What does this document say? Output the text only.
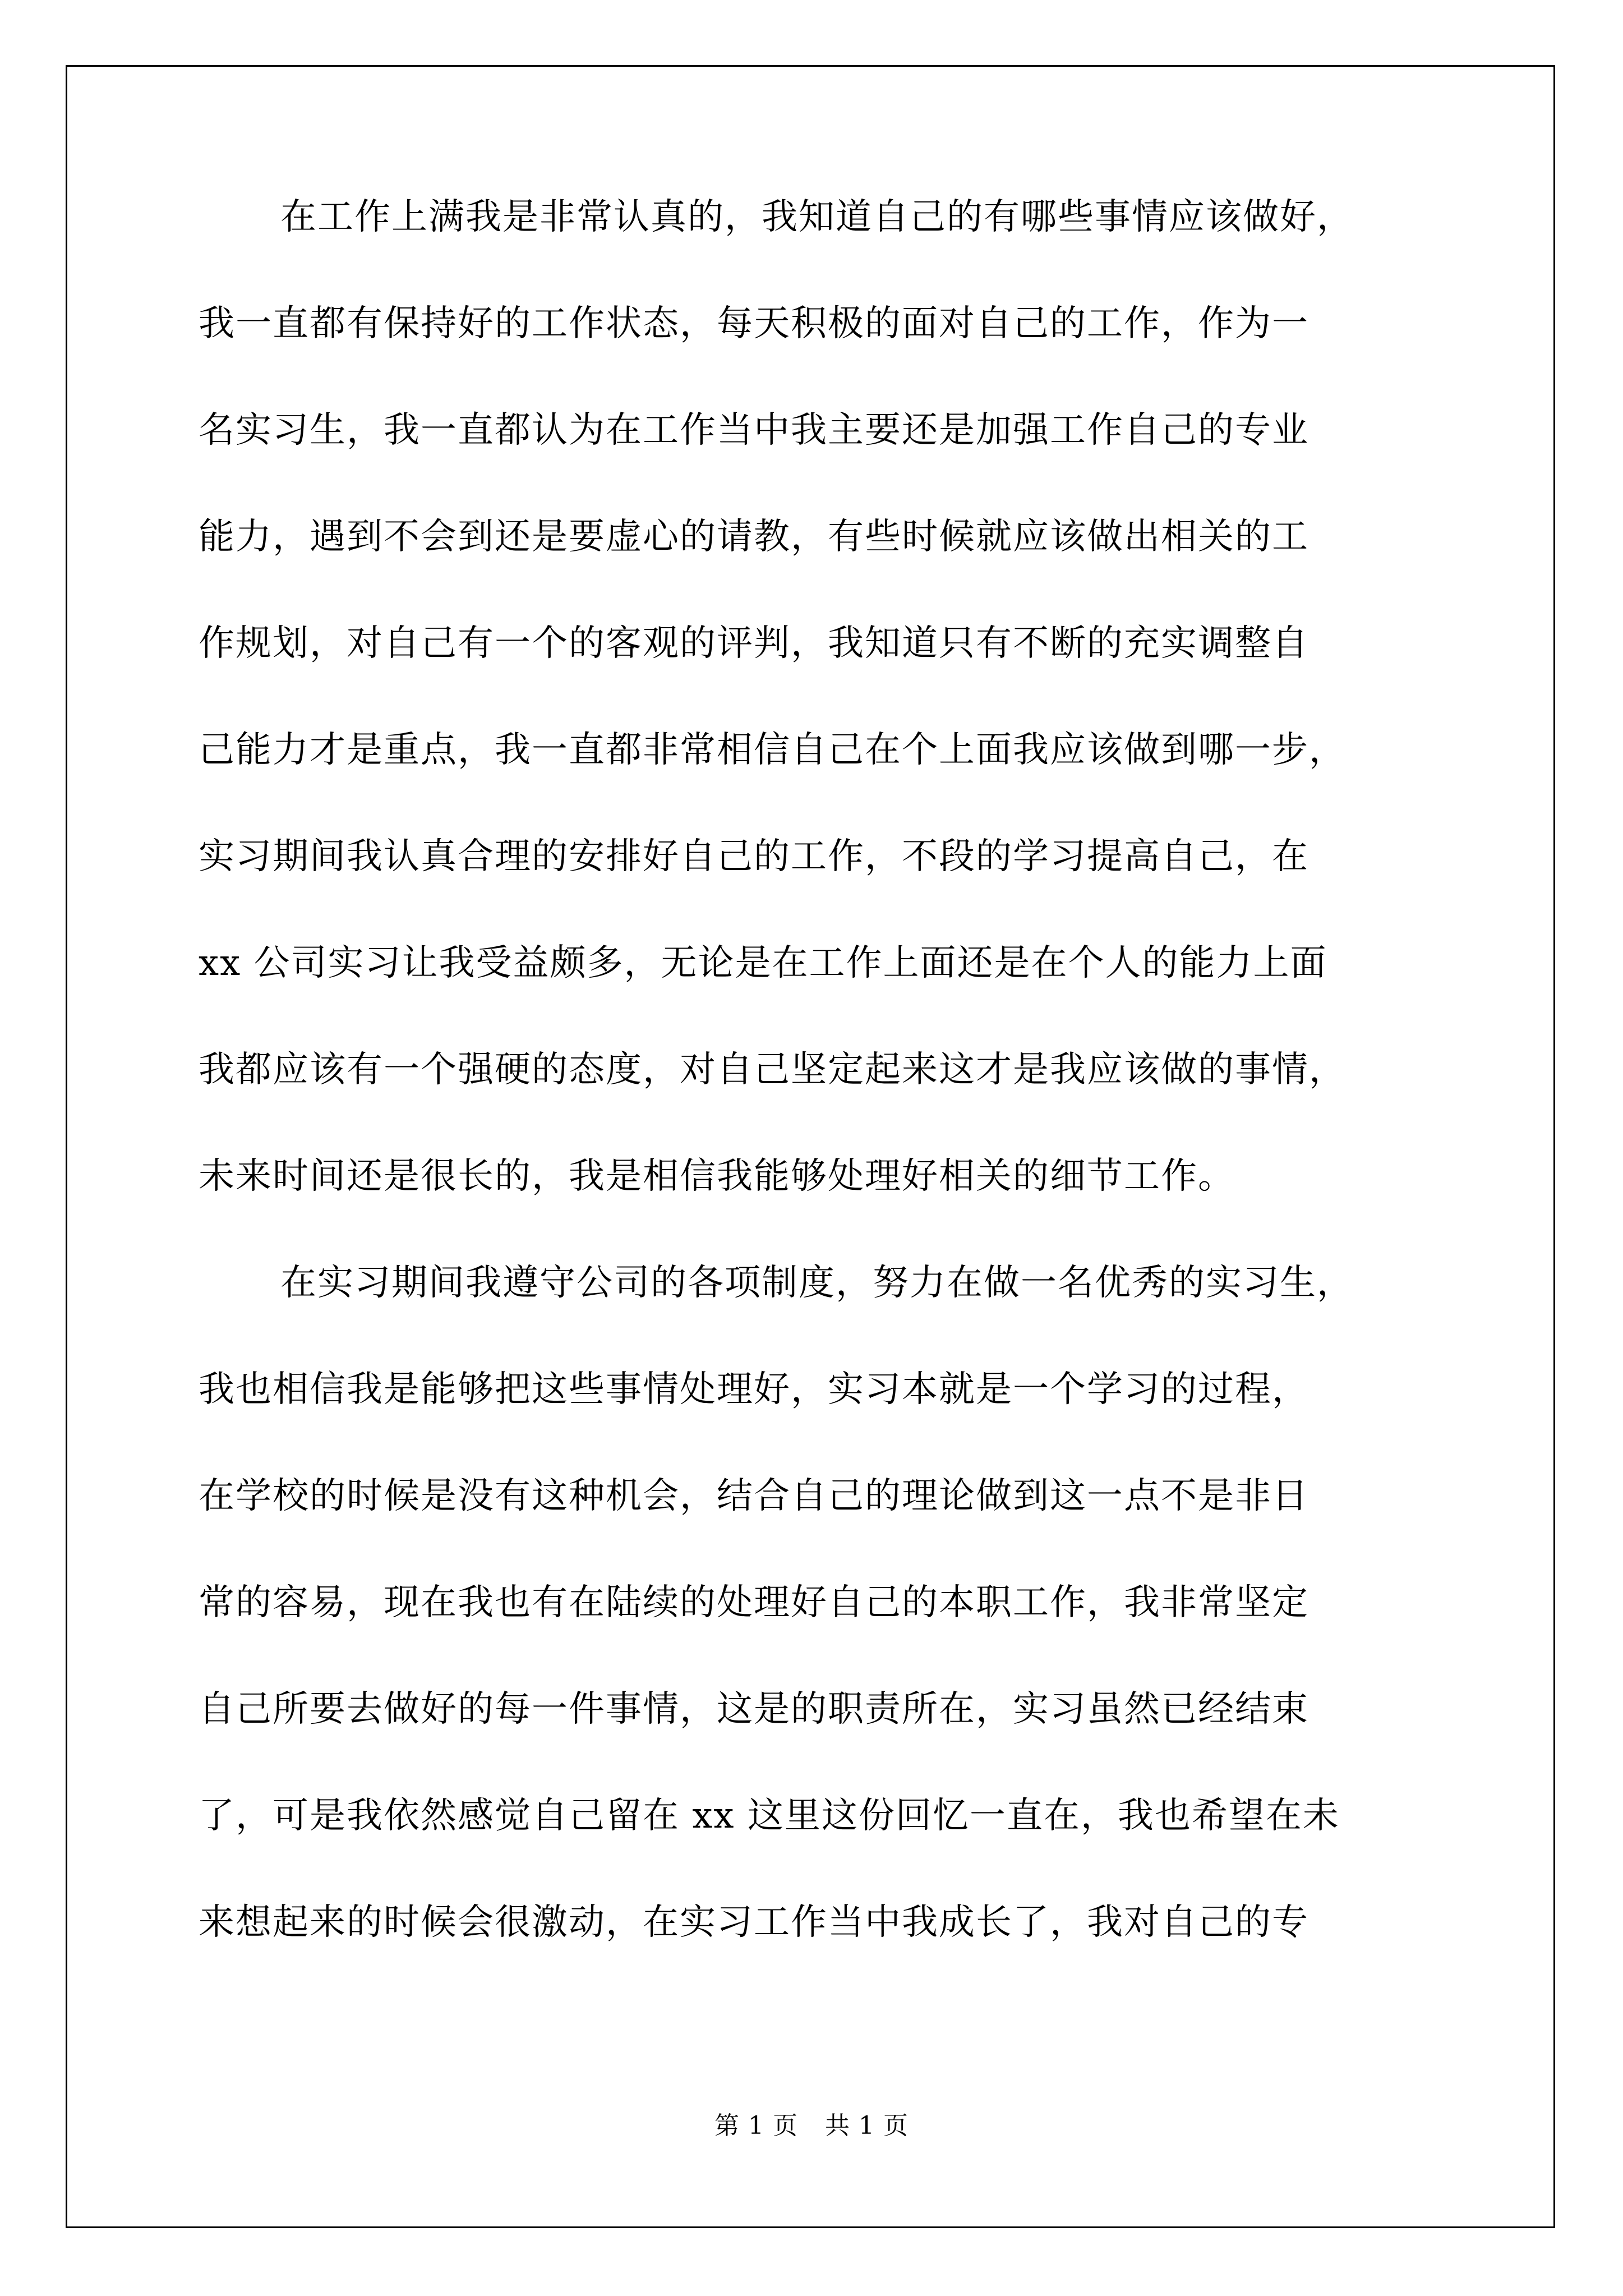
在工作上满我是非常认真的，我知道自己的有哪些事情应该做好，
我一直都有保持好的工作状态，每天积极的面对自己的工作，作为一
名实习生，我一直都认为在工作当中我主要还是加强工作自己的专业
能力，遇到不会到还是要虚心的请教，有些时候就应该做出相关的工
作规划，对自己有一个的客观的评判，我知道只有不断的充实调整自
己能力才是重点，我一直都非常相信自己在个上面我应该做到哪一步，
实习期间我认真合理的安排好自己的工作，不段的学习提高自己，在
xx 公司实习让我受益颇多，无论是在工作上面还是在个人的能力上面
我都应该有一个强硬的态度，对自己坚定起来这才是我应该做的事情，
未来时间还是很长的，我是相信我能够处理好相关的细节工作。
在实习期间我遵守公司的各项制度，努力在做一名优秀的实习生，
我也相信我是能够把这些事情处理好，实习本就是一个学习的过程，
在学校的时候是没有这种机会，结合自己的理论做到这一点不是非日
常的容易，现在我也有在陆续的处理好自己的本职工作，我非常坚定
自己所要去做好的每一件事情，这是的职责所在，实习虽然已经结束
了，可是我依然感觉自己留在 xx 这里这份回忆一直在，我也希望在未
来想起来的时候会很激动，在实习工作当中我成长了，我对自己的专
第 1 页 共 1 页
